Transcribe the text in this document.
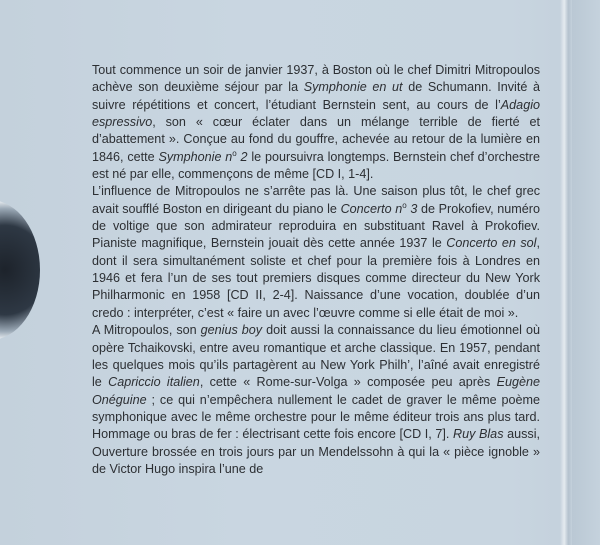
Tout commence un soir de janvier 1937, à Boston où le chef Dimitri Mitropoulos achève son deuxième séjour par la Symphonie en ut de Schumann. Invité à suivre répétitions et concert, l’étudiant Bernstein sent, au cours de l’Adagio espressivo, son « cœur éclater dans un mélange terrible de fierté et d’abattement ». Conçue au fond du gouffre, achevée au retour de la lumière en 1846, cette Symphonie $n^o$ 2 le poursuivra longtemps. Bernstein chef d’orchestre est né par elle, commençons de même [CD I, 1-4].

L’influence de Mitropoulos ne s’arrête pas là. Une saison plus tôt, le chef grec avait soufflé Boston en dirigeant du piano le Concerto $n^o$ 3 de Prokofiev, numéro de voltige que son admirateur reproduira en substituant Ravel à Prokofiev. Pianiste magnifique, Bernstein jouait dès cette année 1937 le Concerto en sol, dont il sera simultanément soliste et chef pour la première fois à Londres en 1946 et fera l’un de ses tout premiers disques comme directeur du New York Philharmonic en 1958 [CD II, 2-4]. Naissance d’une vocation, doublée d’un credo : interpréter, c’est « faire un avec l’œuvre comme si elle était de moi ».

A Mitropoulos, son genius boy doit aussi la connaissance du lieu émotionnel où opère Tchaikovski, entre aveu romantique et arche classique. En 1957, pendant les quelques mois qu’ils partagèrent au New York Philh’, l’aîné avait enregistré le Capriccio italien, cette « Rome-sur-Volga » composée peu après Eugène Onéguine ; ce qui n’empêchera nullement le cadet de graver le même poème symphonique avec le même orchestre pour le même éditeur trois ans plus tard. Hommage ou bras de fer : électrisant cette fois encore [CD I, 7]. Ruy Blas aussi, Ouverture brossée en trois jours par un Mendelssohn à qui la « pièce ignoble » de Victor Hugo inspira l’une de
